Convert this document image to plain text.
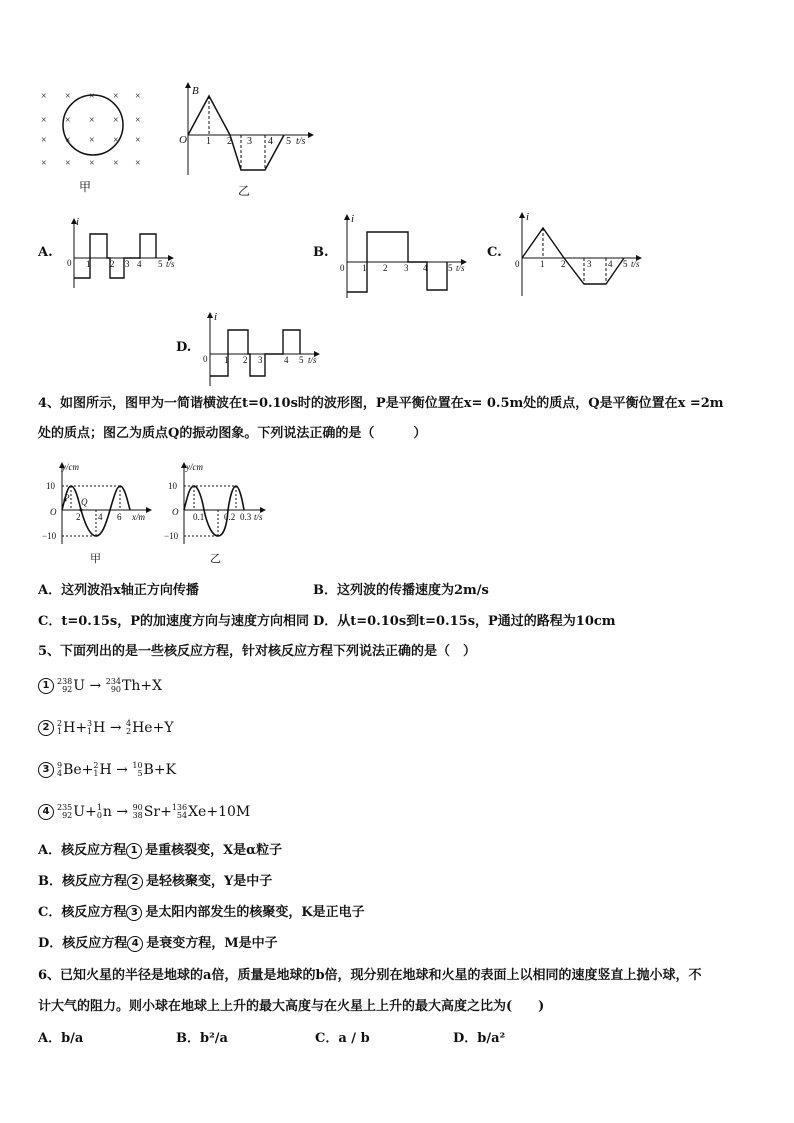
× × × × ×
× × × × ×
× × × × ×
× × × × ×
甲
B
O 1 2 3 4 5 t/s
乙
A.
i
0 1 2 3 4 5 t/s
B.
i
0 1 2 3 4 5 t/s
C.
i
0 1 2 3 4 5 t/s
D.
i
0 1 2 3 4 5 t/s
4、如图所示，图甲为一简谐横波在t=0.10s时的波形图，P是平衡位置在x= 0.5m处的质点，Q是平衡位置在x =2m
处的质点；图乙为质点Q的振动图象。下列说法正确的是（　　　）
y/cm
10
−10
O
P Q
2 4 6 x/m
甲
y/cm
10
−10
O 0.1 0.2 0.3 t/s
乙
A．这列波沿x轴正方向传播	B．这列波的传播速度为2m/s
C．t=0.15s，P的加速度方向与速度方向相同 D．从t=0.10s到t=0.15s，P通过的路程为10cm
5、下面列出的是一些核反应方程，针对核反应方程下列说法正确的是（　）
1 238
92 U → 234
90 Th+X
2 2
1 H+ 3
1 H → 4
2 He+Y
3 9
4 Be+ 2
1 H → 10
5 B+K
4 235
92 U+ 1
0 n → 90
38 Sr+ 136
54 Xe+10M
A．核反应方程 1 是重核裂变，X是α粒子
B．核反应方程 2 是轻核聚变，Y是中子
C．核反应方程 3 是太阳内部发生的核聚变，K是正电子
D．核反应方程 4 是衰变方程，M是中子
6、已知火星的半径是地球的a倍，质量是地球的b倍，现分别在地球和火星的表面上以相同的速度竖直上抛小球，不
计大气的阻力。则小球在地球上上升的最大高度与在火星上上升的最大高度之比为(　　)
A．b/a	B．b²/a	C．a / b	D．b/a²
